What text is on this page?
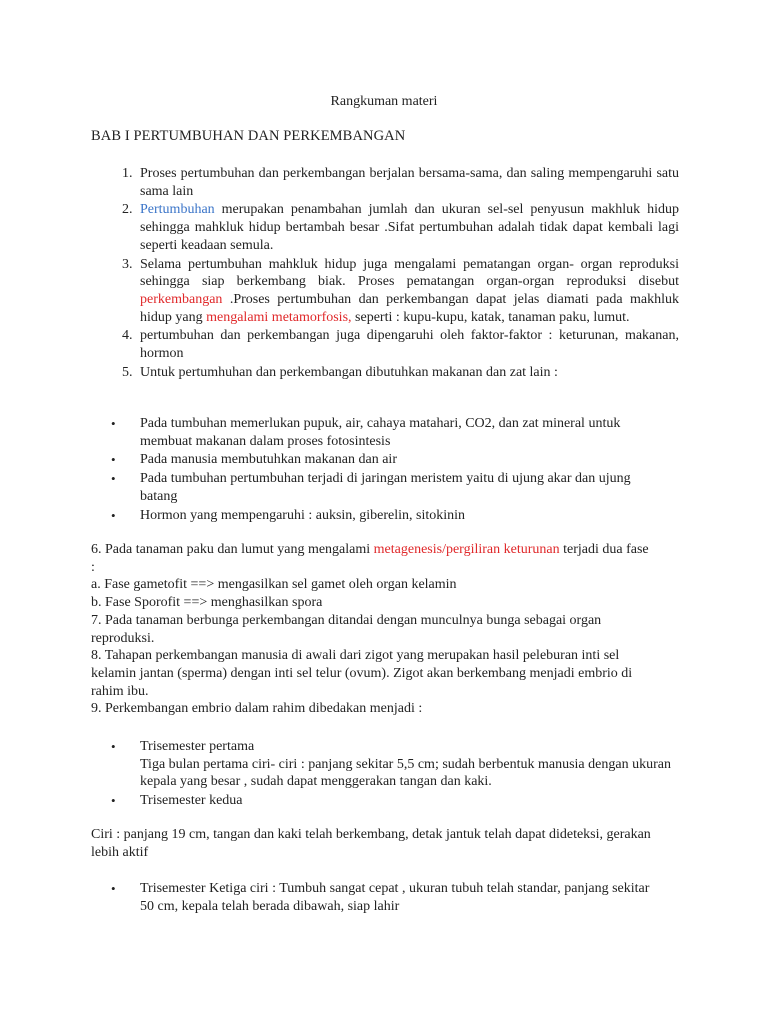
Rangkuman materi
BAB I PERTUMBUHAN DAN PERKEMBANGAN
1. Proses pertumbuhan dan perkembangan berjalan bersama-sama, dan saling mempengaruhi satu sama lain
2. Pertumbuhan merupakan penambahan jumlah dan ukuran sel-sel penyusun makhluk hidup sehingga mahkluk hidup bertambah besar .Sifat pertumbuhan adalah tidak dapat kembali lagi seperti keadaan semula.
3. Selama pertumbuhan mahkluk hidup juga mengalami pematangan organ- organ reproduksi sehingga siap berkembang biak. Proses pematangan organ-organ reproduksi disebut perkembangan .Proses pertumbuhan dan perkembangan dapat jelas diamati pada makhluk hidup yang mengalami metamorfosis, seperti : kupu-kupu, katak, tanaman paku, lumut.
4. pertumbuhan dan perkembangan juga dipengaruhi oleh faktor-faktor : keturunan, makanan, hormon
5. Untuk pertumhuhan dan perkembangan dibutuhkan makanan dan zat lain :
• Pada tumbuhan memerlukan pupuk, air, cahaya matahari, CO2, dan zat mineral untuk membuat makanan dalam proses fotosintesis
• Pada manusia membutuhkan makanan dan air
• Pada tumbuhan pertumbuhan terjadi di jaringan meristem yaitu di ujung akar dan ujung batang
• Hormon yang mempengaruhi : auksin, giberelin, sitokinin

6. Pada tanaman paku dan lumut yang mengalami metagenesis/pergiliran keturunan terjadi dua fase :

a. Fase gametofit ==> mengasilkan sel gamet oleh organ kelamin

b. Fase Sporofit ==> menghasilkan spora

7. Pada tanaman berbunga perkembangan ditandai dengan munculnya bunga sebagai organ reproduksi.

8. Tahapan perkembangan manusia di awali dari zigot yang merupakan hasil peleburan inti sel kelamin jantan (sperma) dengan inti sel telur (ovum). Zigot akan berkembang menjadi embrio di rahim ibu.

9. Perkembangan embrio dalam rahim dibedakan menjadi :

• Trisemester pertama
Tiga bulan pertama ciri- ciri : panjang sekitar 5,5 cm; sudah berbentuk manusia dengan ukuran kepala yang besar , sudah dapat menggerakan tangan dan kaki.
• Trisemester kedua

Ciri : panjang 19 cm, tangan dan kaki telah berkembang, detak jantuk telah dapat dideteksi, gerakan lebih aktif

• Trisemester Ketiga ciri : Tumbuh sangat cepat , ukuran tubuh telah standar, panjang sekitar 50 cm, kepala telah berada dibawah, siap lahir
